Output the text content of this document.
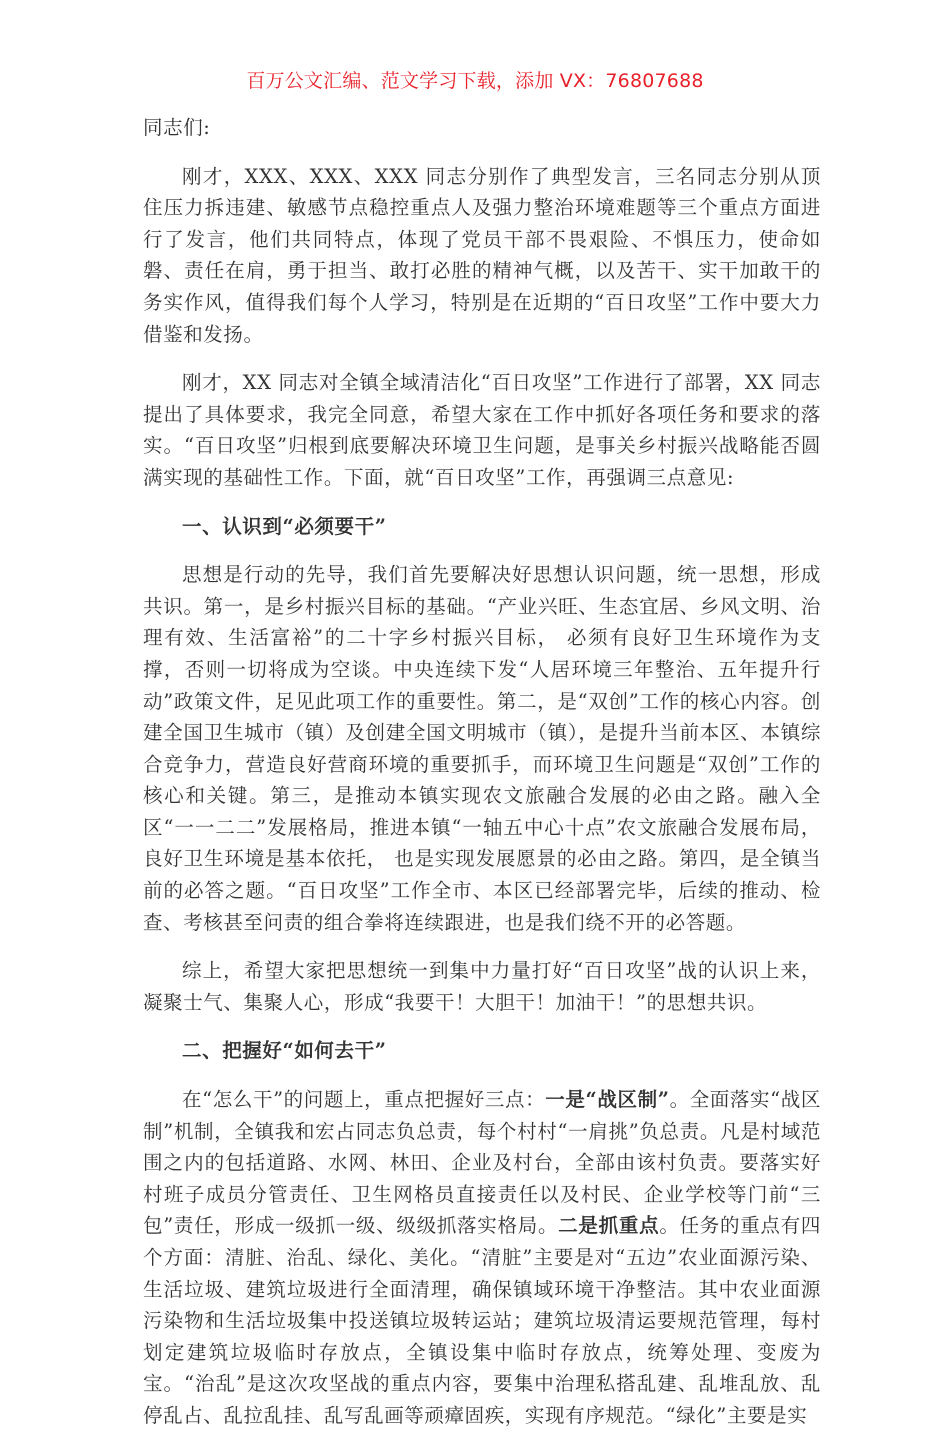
百万公文汇编、范文学习下载，添加 VX：76807688

同志们:

刚才，XXX、XXX、XXX 同志分别作了典型发言，三名同志分别从顶住压力拆违建、敏感节点稳控重点人及强力整治环境难题等三个重点方面进行了发言，他们共同特点，体现了党员干部不畏艰险、不惧压力，使命如磐、责任在肩，勇于担当、敢打必胜的精神气概，以及苦干、实干加敢干的务实作风，值得我们每个人学习，特别是在近期的“百日攻坚”工作中要大力借鉴和发扬。

刚才，XX 同志对全镇全域清洁化“百日攻坚”工作进行了部署，XX 同志提出了具体要求，我完全同意，希望大家在工作中抓好各项任务和要求的落实。“百日攻坚”归根到底要解决环境卫生问题，是事关乡村振兴战略能否圆满实现的基础性工作。下面，就“百日攻坚”工作，再强调三点意见:

一、认识到“必须要干”

思想是行动的先导，我们首先要解决好思想认识问题，统一思想，形成共识。第一，是乡村振兴目标的基础。“产业兴旺、生态宜居、乡风文明、治理有效、生活富裕”的二十字乡村振兴目标， 必须有良好卫生环境作为支撑，否则一切将成为空谈。中央连续下发“人居环境三年整治、五年提升行动”政策文件，足见此项工作的重要性。第二，是“双创”工作的核心内容。创建全国卫生城市（镇）及创建全国文明城市（镇），是提升当前本区、本镇综合竞争力，营造良好营商环境的重要抓手，而环境卫生问题是“双创”工作的核心和关键。第三，是推动本镇实现农文旅融合发展的必由之路。融入全区“一一二二”发展格局，推进本镇“一轴五中心十点”农文旅融合发展布局，良好卫生环境是基本依托， 也是实现发展愿景的必由之路。第四，是全镇当前的必答之题。“百日攻坚”工作全市、本区已经部署完毕，后续的推动、检查、考核甚至问责的组合拳将连续跟进，也是我们绕不开的必答题。

综上，希望大家把思想统一到集中力量打好“百日攻坚”战的认识上来，凝聚士气、集聚人心，形成“我要干！大胆干！加油干！”的思想共识。

二、把握好“如何去干”

在“怎么干”的问题上，重点把握好三点：一是“战区制”。全面落实“战区制”机制，全镇我和宏占同志负总责，每个村村“一肩挑”负总责。凡是村域范围之内的包括道路、水网、林田、企业及村台，全部由该村负责。要落实好村班子成员分管责任、卫生网格员直接责任以及村民、企业学校等门前“三包”责任，形成一级抓一级、级级抓落实格局。二是抓重点。任务的重点有四个方面：清脏、治乱、绿化、美化。“清脏”主要是对“五边”农业面源污染、生活垃圾、建筑垃圾进行全面清理，确保镇域环境干净整洁。其中农业面源污染物和生活垃圾集中投送镇垃圾转运站；建筑垃圾清运要规范管理，每村划定建筑垃圾临时存放点，全镇设集中临时存放点，统筹处理、变废为宝。“治乱”是这次攻坚战的重点内容，要集中治理私搭乱建、乱堆乱放、乱停乱占、乱拉乱挂、乱写乱画等顽瘴固疾，实现有序规范。“绿化”主要是实
